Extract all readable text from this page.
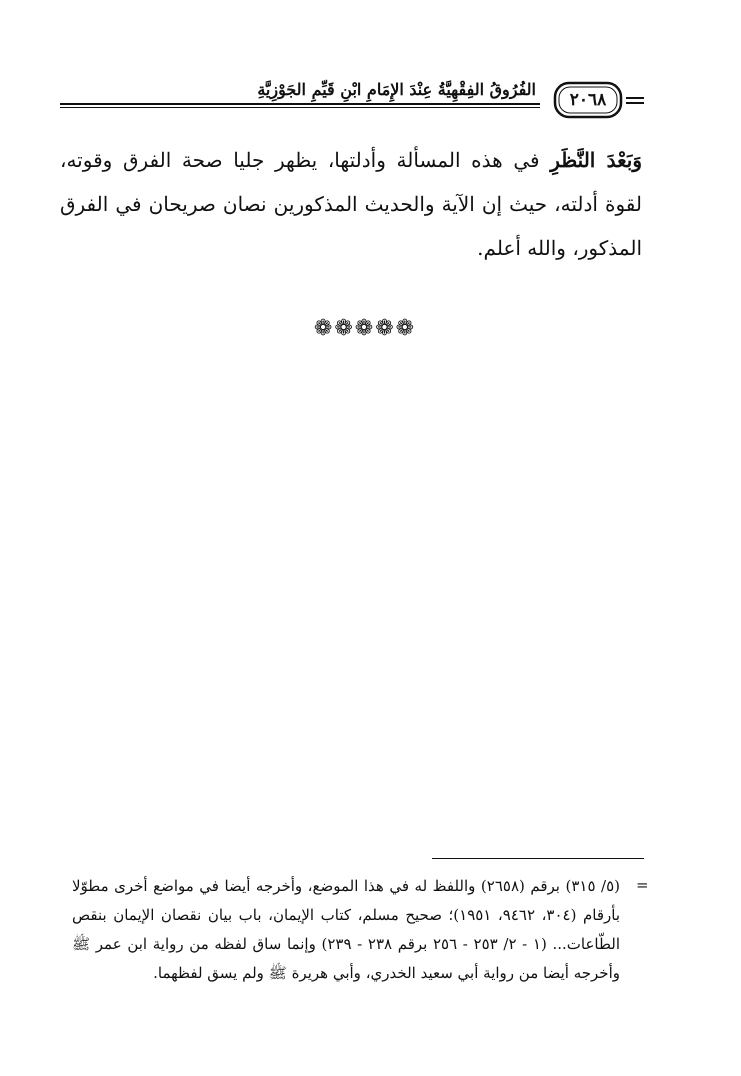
الفُرُوقُ الفِقْهِيَّةُ عِنْدَ الإِمَامِ ابْنِ قَيِّمِ الجَوْزِيَّةِ
٢٠٦٨
وَبَعْدَ النَّظَرِ في هذه المسألة وأدلتها، يظهر جليا صحة الفرق وقوته، لقوة أدلته، حيث إن الآية والحديث المذكورين نصان صريحان في الفرق المذكور، والله أعلم.
❁❁❁❁❁
=
(٥/ ٣١٥) برقم (٢٦٥٨) واللفظ له في هذا الموضع، وأخرجه أيضا في مواضع أخرى مطوّلا بأرقام (٣٠٤، ٩٤٦٢، ١٩٥١)؛ صحيح مسلم، كتاب الإيمان، باب بيان نقصان الإيمان بنقص الطّاعات... (١ - ٢/ ٢٥٣ - ٢٥٦ برقم ٢٣٨ - ٢٣٩) وإنما ساق لفظه من رواية ابن عمر ﷺ وأخرجه أيضا من رواية أبي سعيد الخدري، وأبي هريرة ﷺ ولم يسق لفظهما.
